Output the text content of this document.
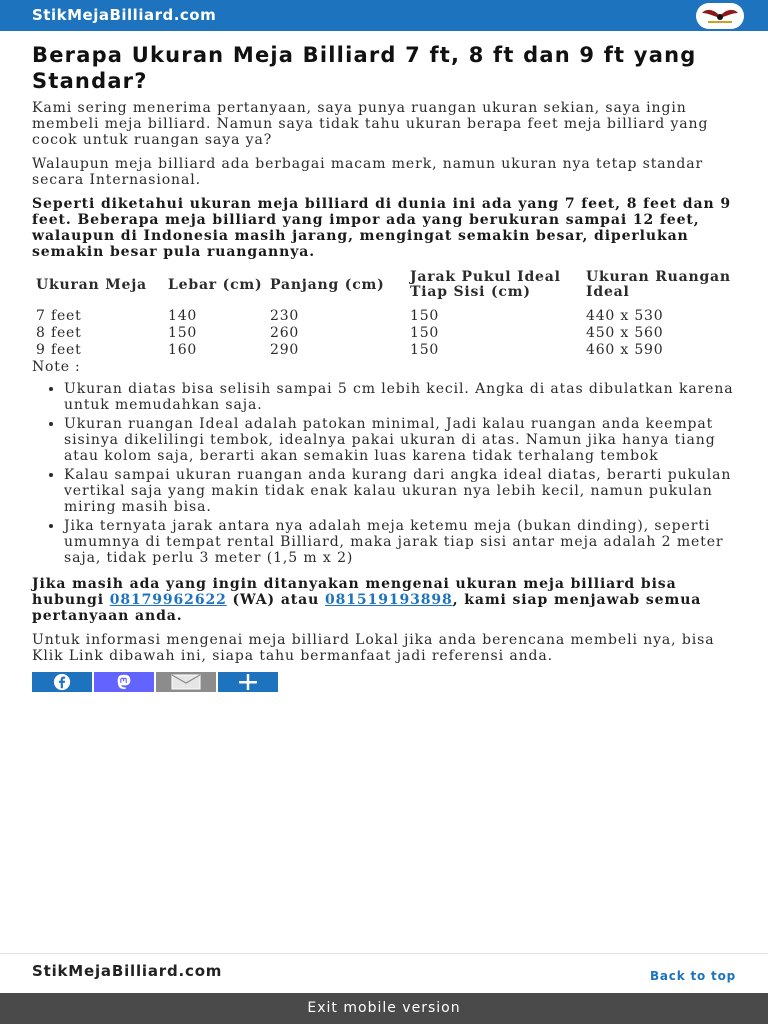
StikMejaBilliard.com
Berapa Ukuran Meja Billiard 7 ft, 8 ft dan 9 ft yang Standar?

Kami sering menerima pertanyaan, saya punya ruangan ukuran sekian, saya ingin membeli meja billiard. Namun saya tidak tahu ukuran berapa feet meja billiard yang cocok untuk ruangan saya ya?

Walaupun meja billiard ada berbagai macam merk, namun ukuran nya tetap standar secara Internasional.

Seperti diketahui ukuran meja billiard di dunia ini ada yang 7 feet, 8 feet dan 9 feet. Beberapa meja billiard yang impor ada yang berukuran sampai 12 feet, walaupun di Indonesia masih jarang, mengingat semakin besar, diperlukan semakin besar pula ruangannya.

Ukuran Meja	Lebar (cm)	Panjang (cm)	Jarak Pukul Ideal Tiap Sisi (cm)	Ukuran Ruangan Ideal
7 feet	140	230	150	440 x 530
8 feet	150	260	150	450 x 560
9 feet	160	290	150	460 x 590
Note :
• Ukuran diatas bisa selisih sampai 5 cm lebih kecil. Angka di atas dibulatkan karena untuk memudahkan saja.
• Ukuran ruangan Ideal adalah patokan minimal, Jadi kalau ruangan anda keempat sisinya dikelilingi tembok, idealnya pakai ukuran di atas. Namun jika hanya tiang atau kolom saja, berarti akan semakin luas karena tidak terhalang tembok
• Kalau sampai ukuran ruangan anda kurang dari angka ideal diatas, berarti pukulan vertikal saja yang makin tidak enak kalau ukuran nya lebih kecil, namun pukulan miring masih bisa.
• Jika ternyata jarak antara nya adalah meja ketemu meja (bukan dinding), seperti umumnya di tempat rental Billiard, maka jarak tiap sisi antar meja adalah 2 meter saja, tidak perlu 3 meter (1,5 m x 2)

Jika masih ada yang ingin ditanyakan mengenai ukuran meja billiard bisa hubungi 08179962622 (WA) atau 081519193898, kami siap menjawab semua pertanyaan anda.

Untuk informasi mengenai meja billiard Lokal jika anda berencana membeli nya, bisa Klik Link dibawah ini, siapa tahu bermanfaat jadi referensi anda.

StikMejaBilliard.com	Back to top
Exit mobile version
